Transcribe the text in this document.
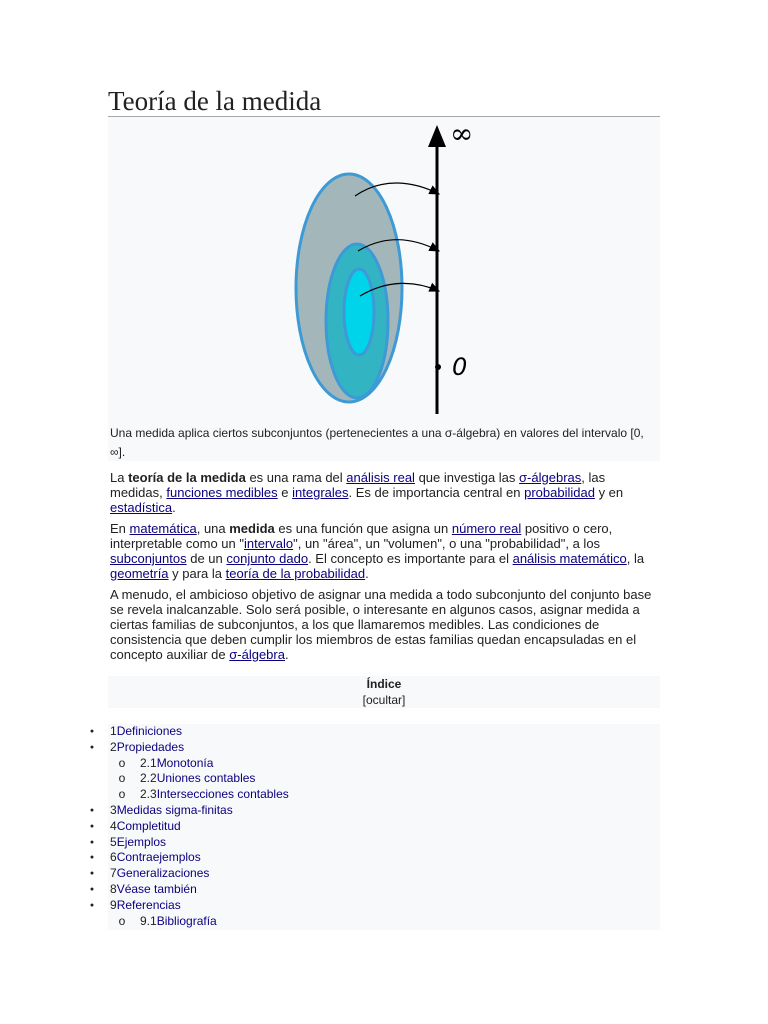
Teoría de la medida
∞
0
Una medida aplica ciertos subconjuntos (pertenecientes a una σ-álgebra) en valores del intervalo [0, ∞].

La teoría de la medida es una rama del análisis real que investiga las σ-álgebras, las medidas, funciones medibles e integrales. Es de importancia central en probabilidad y en estadística.

En matemática, una medida es una función que asigna un número real positivo o cero, interpretable como un "intervalo", un "área", un "volumen", o una "probabilidad", a los subconjuntos de un conjunto dado. El concepto es importante para el análisis matemático, la geometría y para la teoría de la probabilidad.

A menudo, el ambicioso objetivo de asignar una medida a todo subconjunto del conjunto base se revela inalcanzable. Solo será posible, o interesante en algunos casos, asignar medida a ciertas familias de subconjuntos, a los que llamaremos medibles. Las condiciones de consistencia que deben cumplir los miembros de estas familias quedan encapsuladas en el concepto auxiliar de σ-álgebra.

Índice
[ocultar]
●	1Definiciones
●	2Propiedades
o 2.1Monotonía
o 2.2Uniones contables
o 2.3Intersecciones contables
●	3Medidas sigma-finitas
●	4Completitud
●	5Ejemplos
●	6Contraejemplos
●	7Generalizaciones
●	8Véase también
●	9Referencias
o 9.1Bibliografía
